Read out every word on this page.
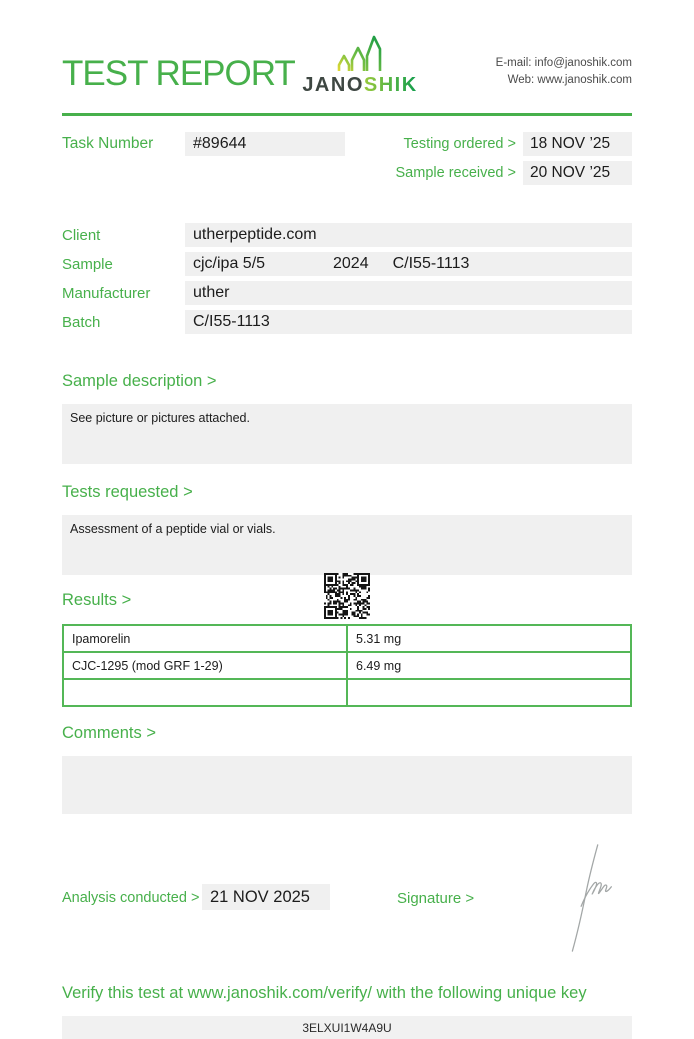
TEST REPORT JANOSHIK
E-mail: info@janoshik.com
Web: www.janoshik.com
Task Number	#89644	Testing ordered > 18 NOV ’25
Sample received > 20 NOV ’25
Client	utherpeptide.com
Sample	cjc/ipa 5/5	2024 C/I55-1113
Manufacturer	uther
Batch	C/I55-1113
Sample description >
See picture or pictures attached.
Tests requested >
Assessment of a peptide vial or vials.
Results >
Ipamorelin	5.31 mg
CJC-1295 (mod GRF 1-29)	6.49 mg

Comments >
Analysis conducted > 21 NOV 2025	Signature >
Verify this test at www.janoshik.com/verify/ with the following unique key
3ELXUI1W4A9U
